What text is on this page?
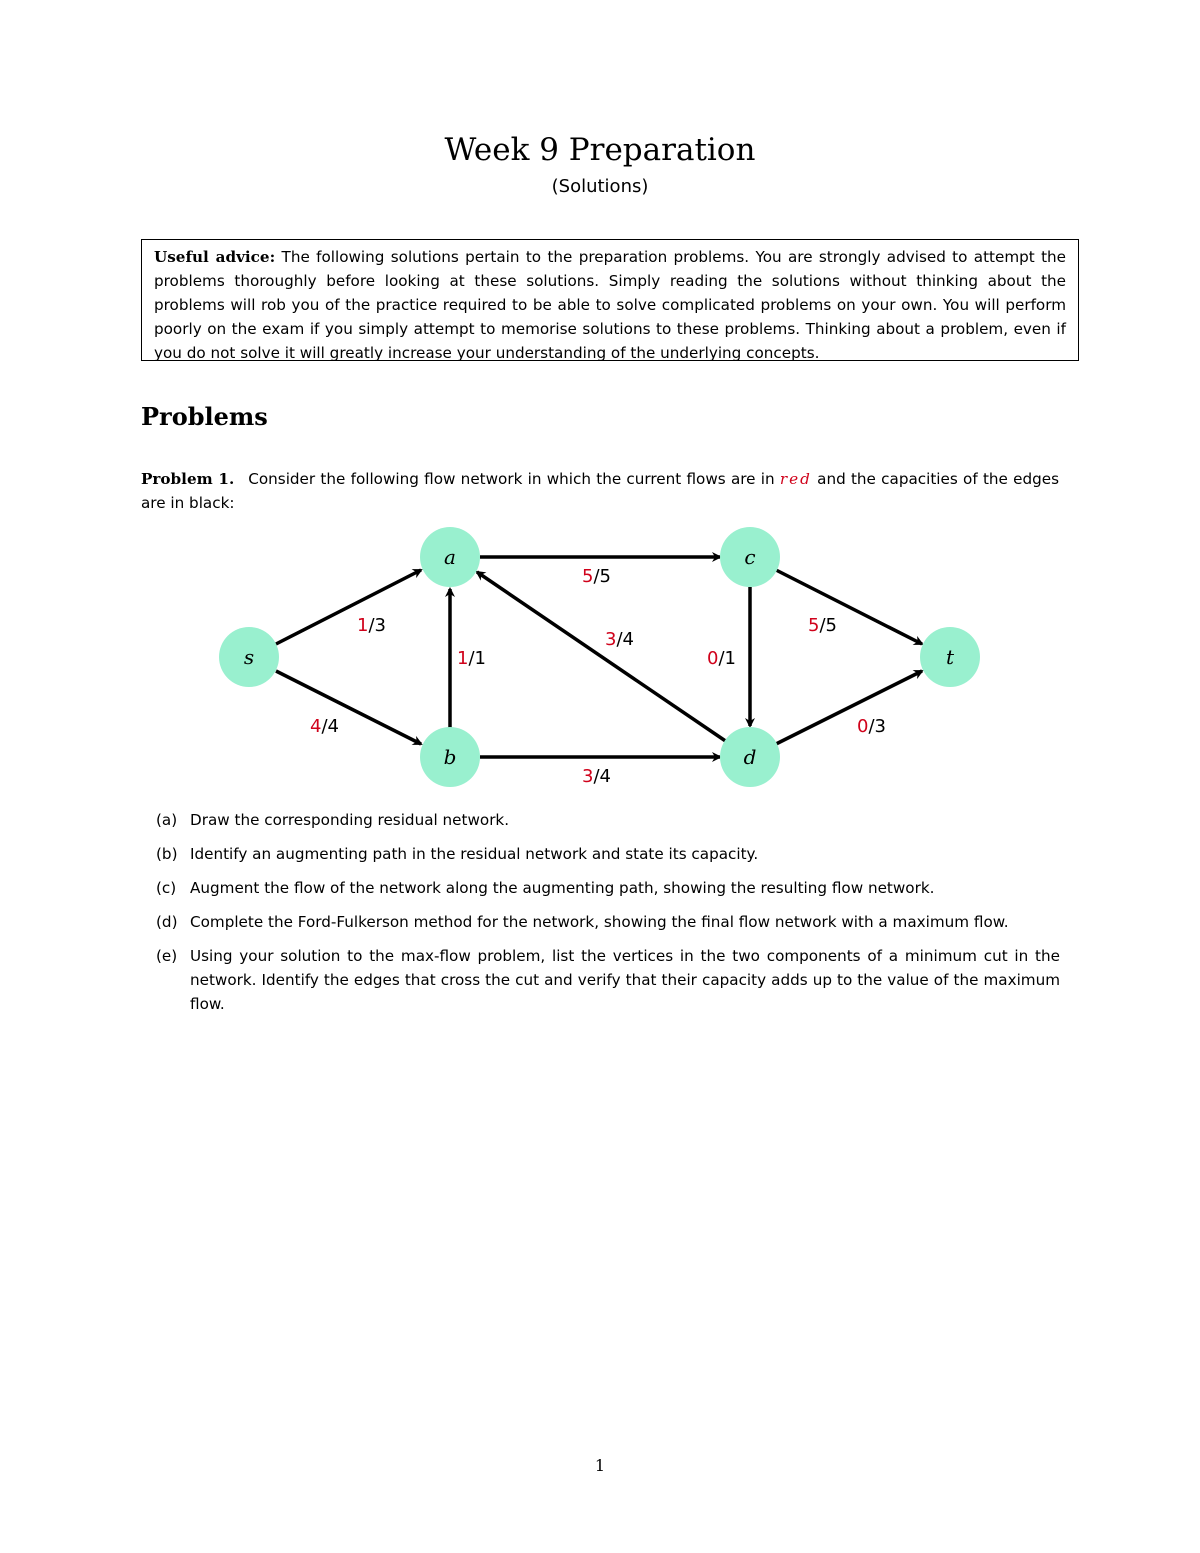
Week 9 Preparation
(Solutions)
Useful advice: The following solutions pertain to the preparation problems. You are strongly advised to attempt the problems thoroughly before looking at these solutions. Simply reading the solutions without thinking about the problems will rob you of the practice required to be able to solve complicated problems on your own. You will perform poorly on the exam if you simply attempt to memorise solutions to these problems. Thinking about a problem, even if you do not solve it will greatly increase your understanding of the underlying concepts.
Problems
Problem 1. Consider the following flow network in which the current flows are in red and the capacities of the edges are in black:
s
a
b
c
d
t
1/3
4/4
1/1
3/4
5/5
3/4
0/1
5/5
0/3
(a) Draw the corresponding residual network.
(b) Identify an augmenting path in the residual network and state its capacity.
(c) Augment the flow of the network along the augmenting path, showing the resulting flow network.
(d) Complete the Ford-Fulkerson method for the network, showing the final flow network with a maximum flow.
(e) Using your solution to the max-flow problem, list the vertices in the two components of a minimum cut in the network. Identify the edges that cross the cut and verify that their capacity adds up to the value of the maximum flow.
1
